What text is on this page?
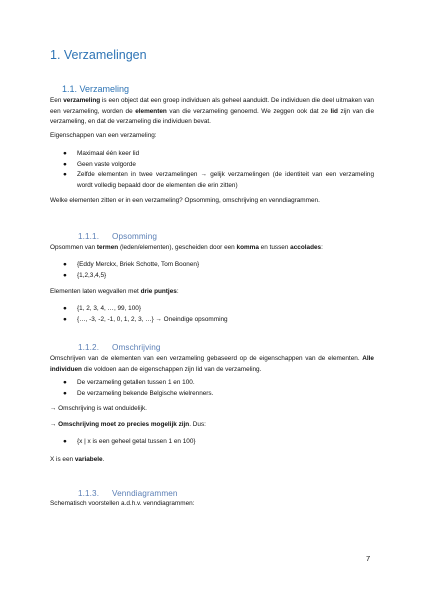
1. Verzamelingen
1.1. Verzameling
Een verzameling is een object dat een groep individuen als geheel aanduidt. De individuen die deel uitmaken van een verzameling, worden de elementen van die verzameling genoemd. We zeggen ook dat ze lid zijn van die verzameling, en dat de verzameling die individuen bevat.
Eigenschappen van een verzameling:
●	Maximaal één keer lid
●	Geen vaste volgorde
●	Zelfde elementen in twee verzamelingen → gelijk verzamelingen (de identiteit van een verzameling wordt volledig bepaald door de elementen die erin zitten)
Welke elementen zitten er in een verzameling? Opsomming, omschrijving en venndiagrammen.
1.1.1. Opsomming
Opsommen van termen (leden/elementen), gescheiden door een komma en tussen accolades:
●	{Eddy Merckx, Briek Schotte, Tom Boonen}
●	{1,2,3,4,5}
Elementen laten wegvallen met drie puntjes:
●	{1, 2, 3, 4, …, 99, 100}
●	{…, -3, -2, -1, 0, 1, 2, 3, …} → Oneindige opsomming
1.1.2. Omschrijving
Omschrijven van de elementen van een verzameling gebaseerd op de eigenschappen van de elementen. Alle individuen die voldoen aan de eigenschappen zijn lid van de verzameling.
●	De verzameling getallen tussen 1 en 100.
●	De verzameling bekende Belgische wielrenners.
→ Omschrijving is wat onduidelijk.
→ Omschrijving moet zo precies mogelijk zijn. Dus:
●	{x | x is een geheel getal tussen 1 en 100}
X is een variabele.
1.1.3. Venndiagrammen
Schematisch voorstellen a.d.h.v. venndiagrammen:
7
